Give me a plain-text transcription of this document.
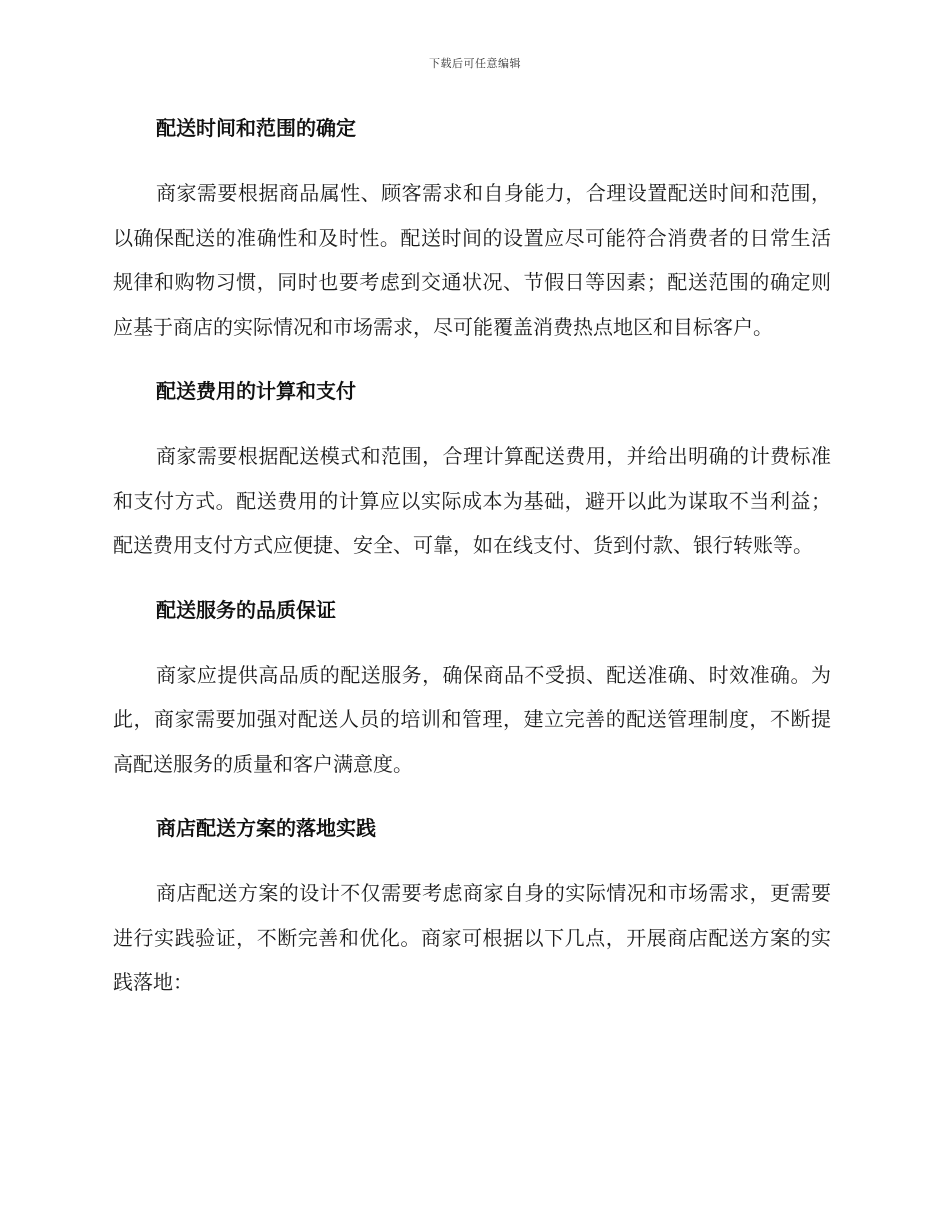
下载后可任意编辑
配送时间和范围的确定

商家需要根据商品属性、顾客需求和自身能力，合理设置配送时间和范围，以确保配送的准确性和及时性。配送时间的设置应尽可能符合消费者的日常生活规律和购物习惯，同时也要考虑到交通状况、节假日等因素；配送范围的确定则应基于商店的实际情况和市场需求，尽可能覆盖消费热点地区和目标客户。

配送费用的计算和支付

商家需要根据配送模式和范围，合理计算配送费用，并给出明确的计费标准和支付方式。配送费用的计算应以实际成本为基础，避开以此为谋取不当利益；配送费用支付方式应便捷、安全、可靠，如在线支付、货到付款、银行转账等。

配送服务的品质保证

商家应提供高品质的配送服务，确保商品不受损、配送准确、时效准确。为此，商家需要加强对配送人员的培训和管理，建立完善的配送管理制度，不断提高配送服务的质量和客户满意度。

商店配送方案的落地实践

商店配送方案的设计不仅需要考虑商家自身的实际情况和市场需求，更需要进行实践验证，不断完善和优化。商家可根据以下几点，开展商店配送方案的实践落地：
